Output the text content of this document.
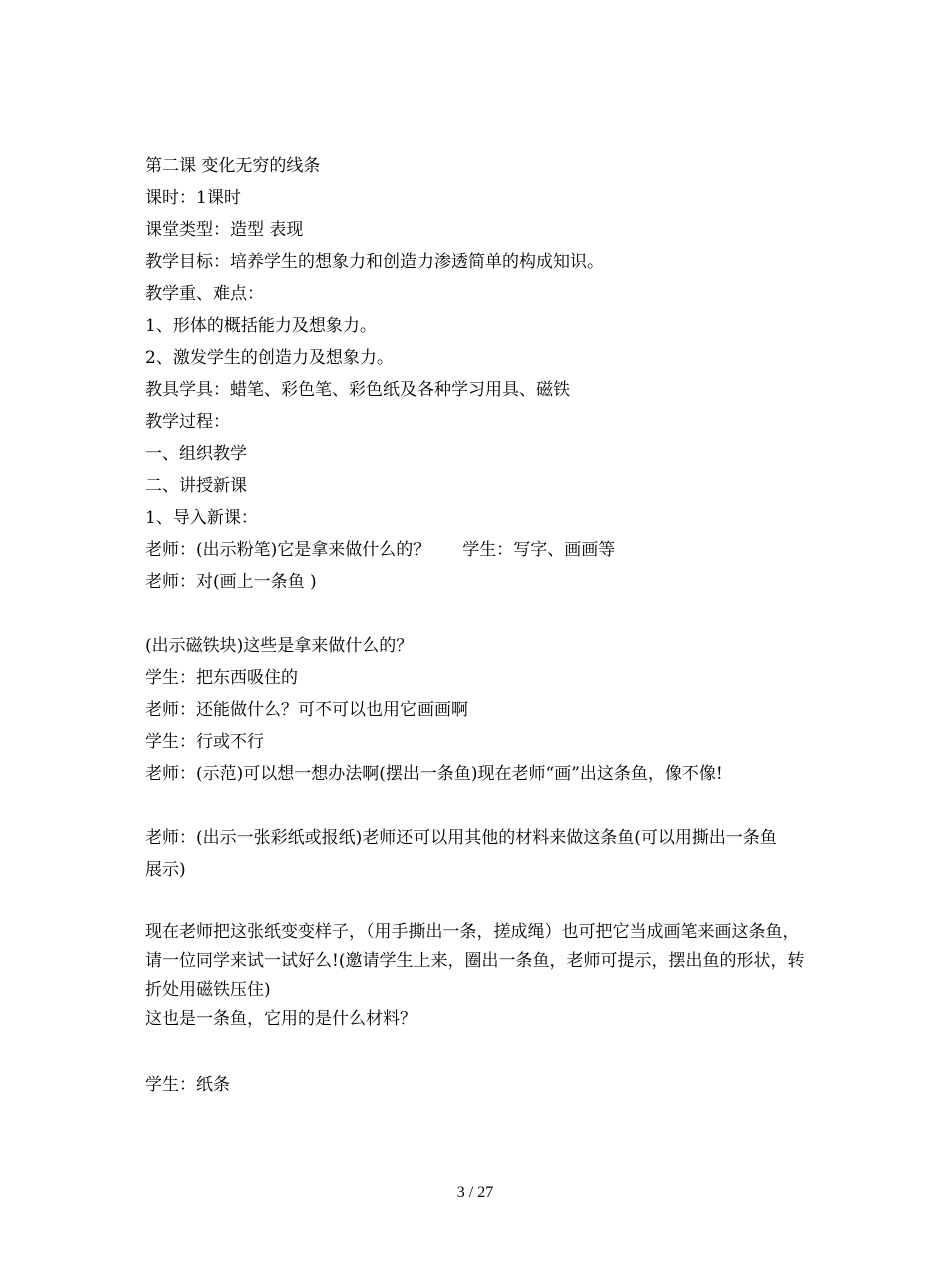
第二课 变化无穷的线条
课时：1课时
课堂类型：造型 表现
教学目标：培养学生的想象力和创造力渗透简单的构成知识。
教学重、难点：
1、形体的概括能力及想象力。
2、激发学生的创造力及想象力。
教具学具：蜡笔、彩色笔、彩色纸及各种学习用具、磁铁
教学过程：
一、组织教学
二、讲授新课
1、导入新课：
老师：(出示粉笔)它是拿来做什么的？ 学生：写字、画画等
老师：对(画上一条鱼 )
(出示磁铁块)这些是拿来做什么的？
学生：把东西吸住的
老师：还能做什么？可不可以也用它画画啊
学生：行或不行
老师：(示范)可以想一想办法啊(摆出一条鱼)现在老师“画”出这条鱼，像不像!
老师：(出示一张彩纸或报纸)老师还可以用其他的材料来做这条鱼(可以用撕出一条鱼　展示)
现在老师把这张纸变变样子，（用手撕出一条，搓成绳）也可把它当成画笔来画这条鱼，请一位同学来试一试好么!(邀请学生上来，圈出一条鱼，老师可提示，摆出鱼的形状，转折处用磁铁压住)
这也是一条鱼，它用的是什么材料？
学生：纸条
3 / 27
